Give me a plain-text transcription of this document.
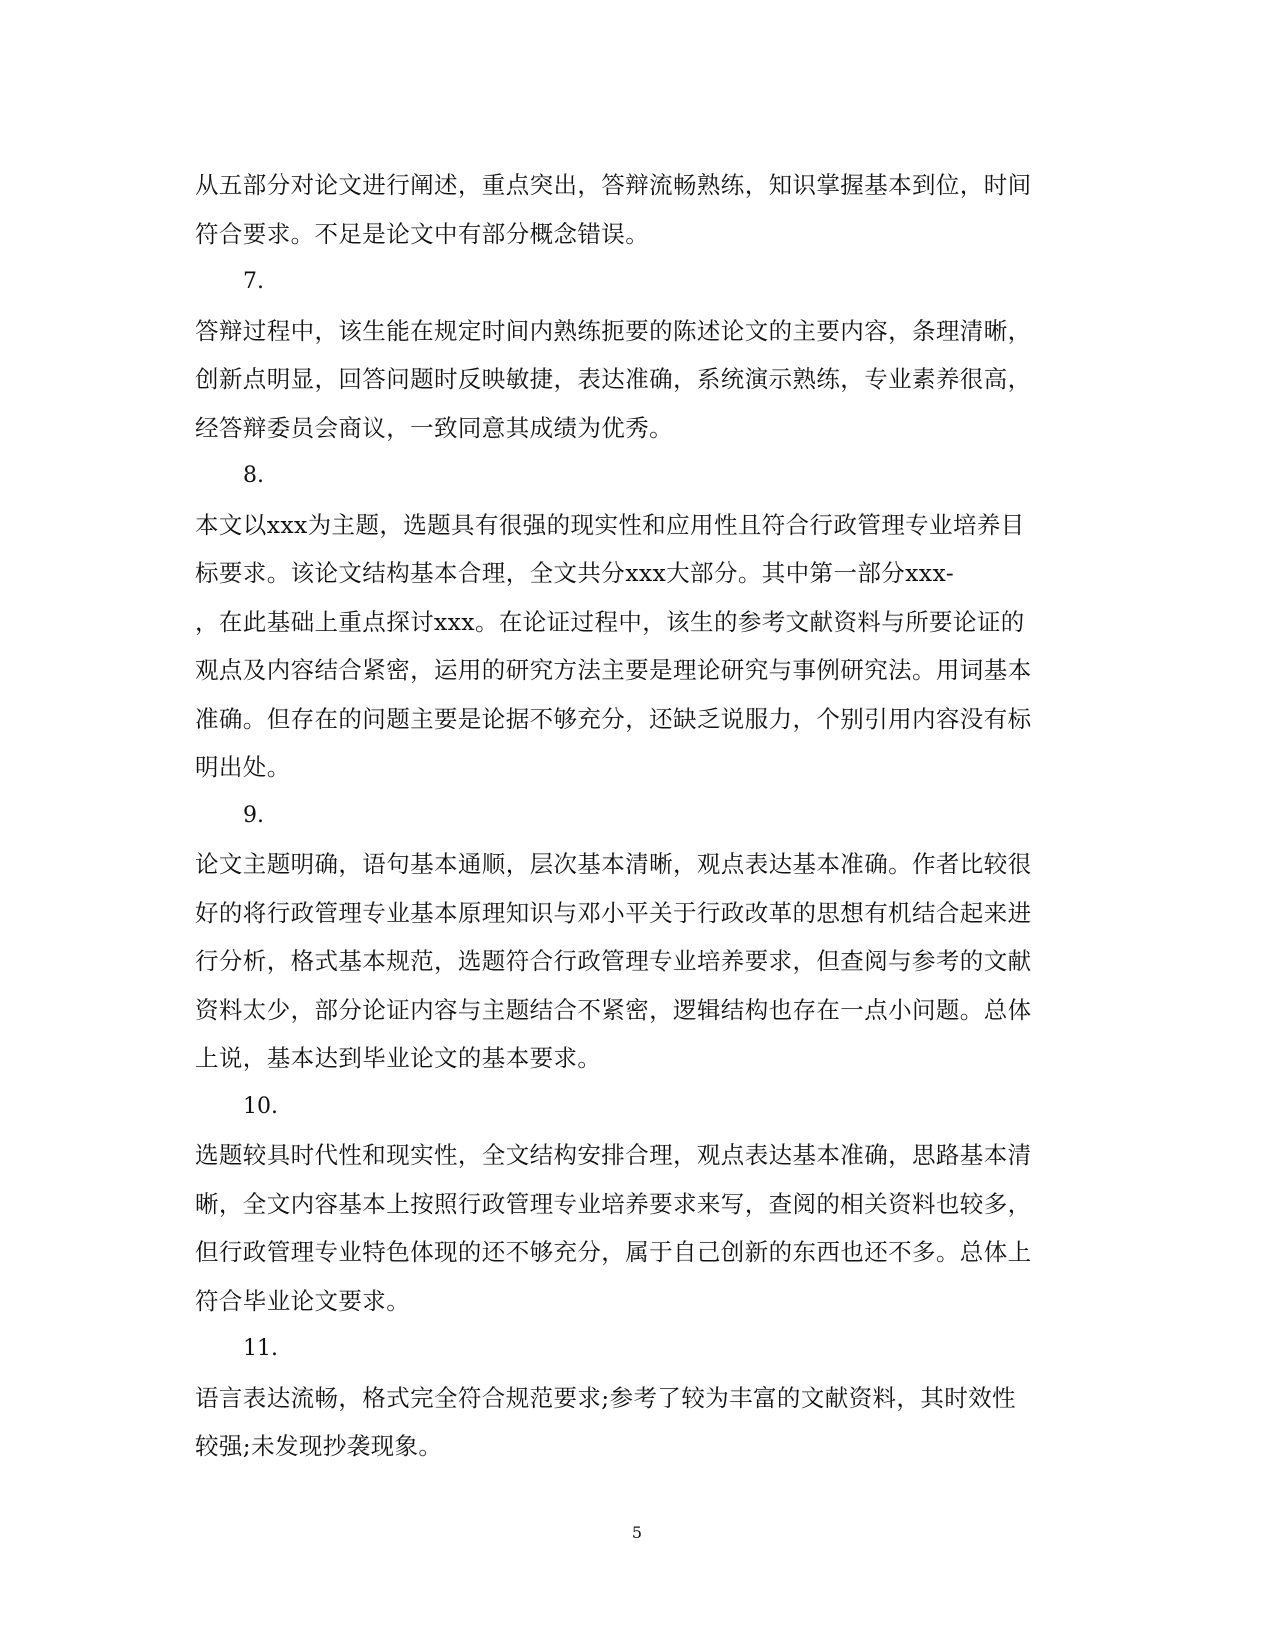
从五部分对论文进行阐述，重点突出，答辩流畅熟练，知识掌握基本到位，时间
符合要求。不足是论文中有部分概念错误。

7.

答辩过程中，该生能在规定时间内熟练扼要的陈述论文的主要内容，条理清晰，
创新点明显，回答问题时反映敏捷，表达准确，系统演示熟练，专业素养很高，
经答辩委员会商议，一致同意其成绩为优秀。

8.

本文以xxx为主题，选题具有很强的现实性和应用性且符合行政管理专业培养目
标要求。该论文结构基本合理，全文共分xxx大部分。其中第一部分xxx-
，在此基础上重点探讨xxx。在论证过程中，该生的参考文献资料与所要论证的
观点及内容结合紧密，运用的研究方法主要是理论研究与事例研究法。用词基本
准确。但存在的问题主要是论据不够充分，还缺乏说服力，个别引用内容没有标
明出处。

9.

论文主题明确，语句基本通顺，层次基本清晰，观点表达基本准确。作者比较很
好的将行政管理专业基本原理知识与邓小平关于行政改革的思想有机结合起来进
行分析，格式基本规范，选题符合行政管理专业培养要求，但查阅与参考的文献
资料太少，部分论证内容与主题结合不紧密，逻辑结构也存在一点小问题。总体
上说，基本达到毕业论文的基本要求。

10.

选题较具时代性和现实性，全文结构安排合理，观点表达基本准确，思路基本清
晰，全文内容基本上按照行政管理专业培养要求来写，查阅的相关资料也较多，
但行政管理专业特色体现的还不够充分，属于自己创新的东西也还不多。总体上
符合毕业论文要求。

11.

语言表达流畅，格式完全符合规范要求;参考了较为丰富的文献资料，其时效性
较强;未发现抄袭现象。

5
